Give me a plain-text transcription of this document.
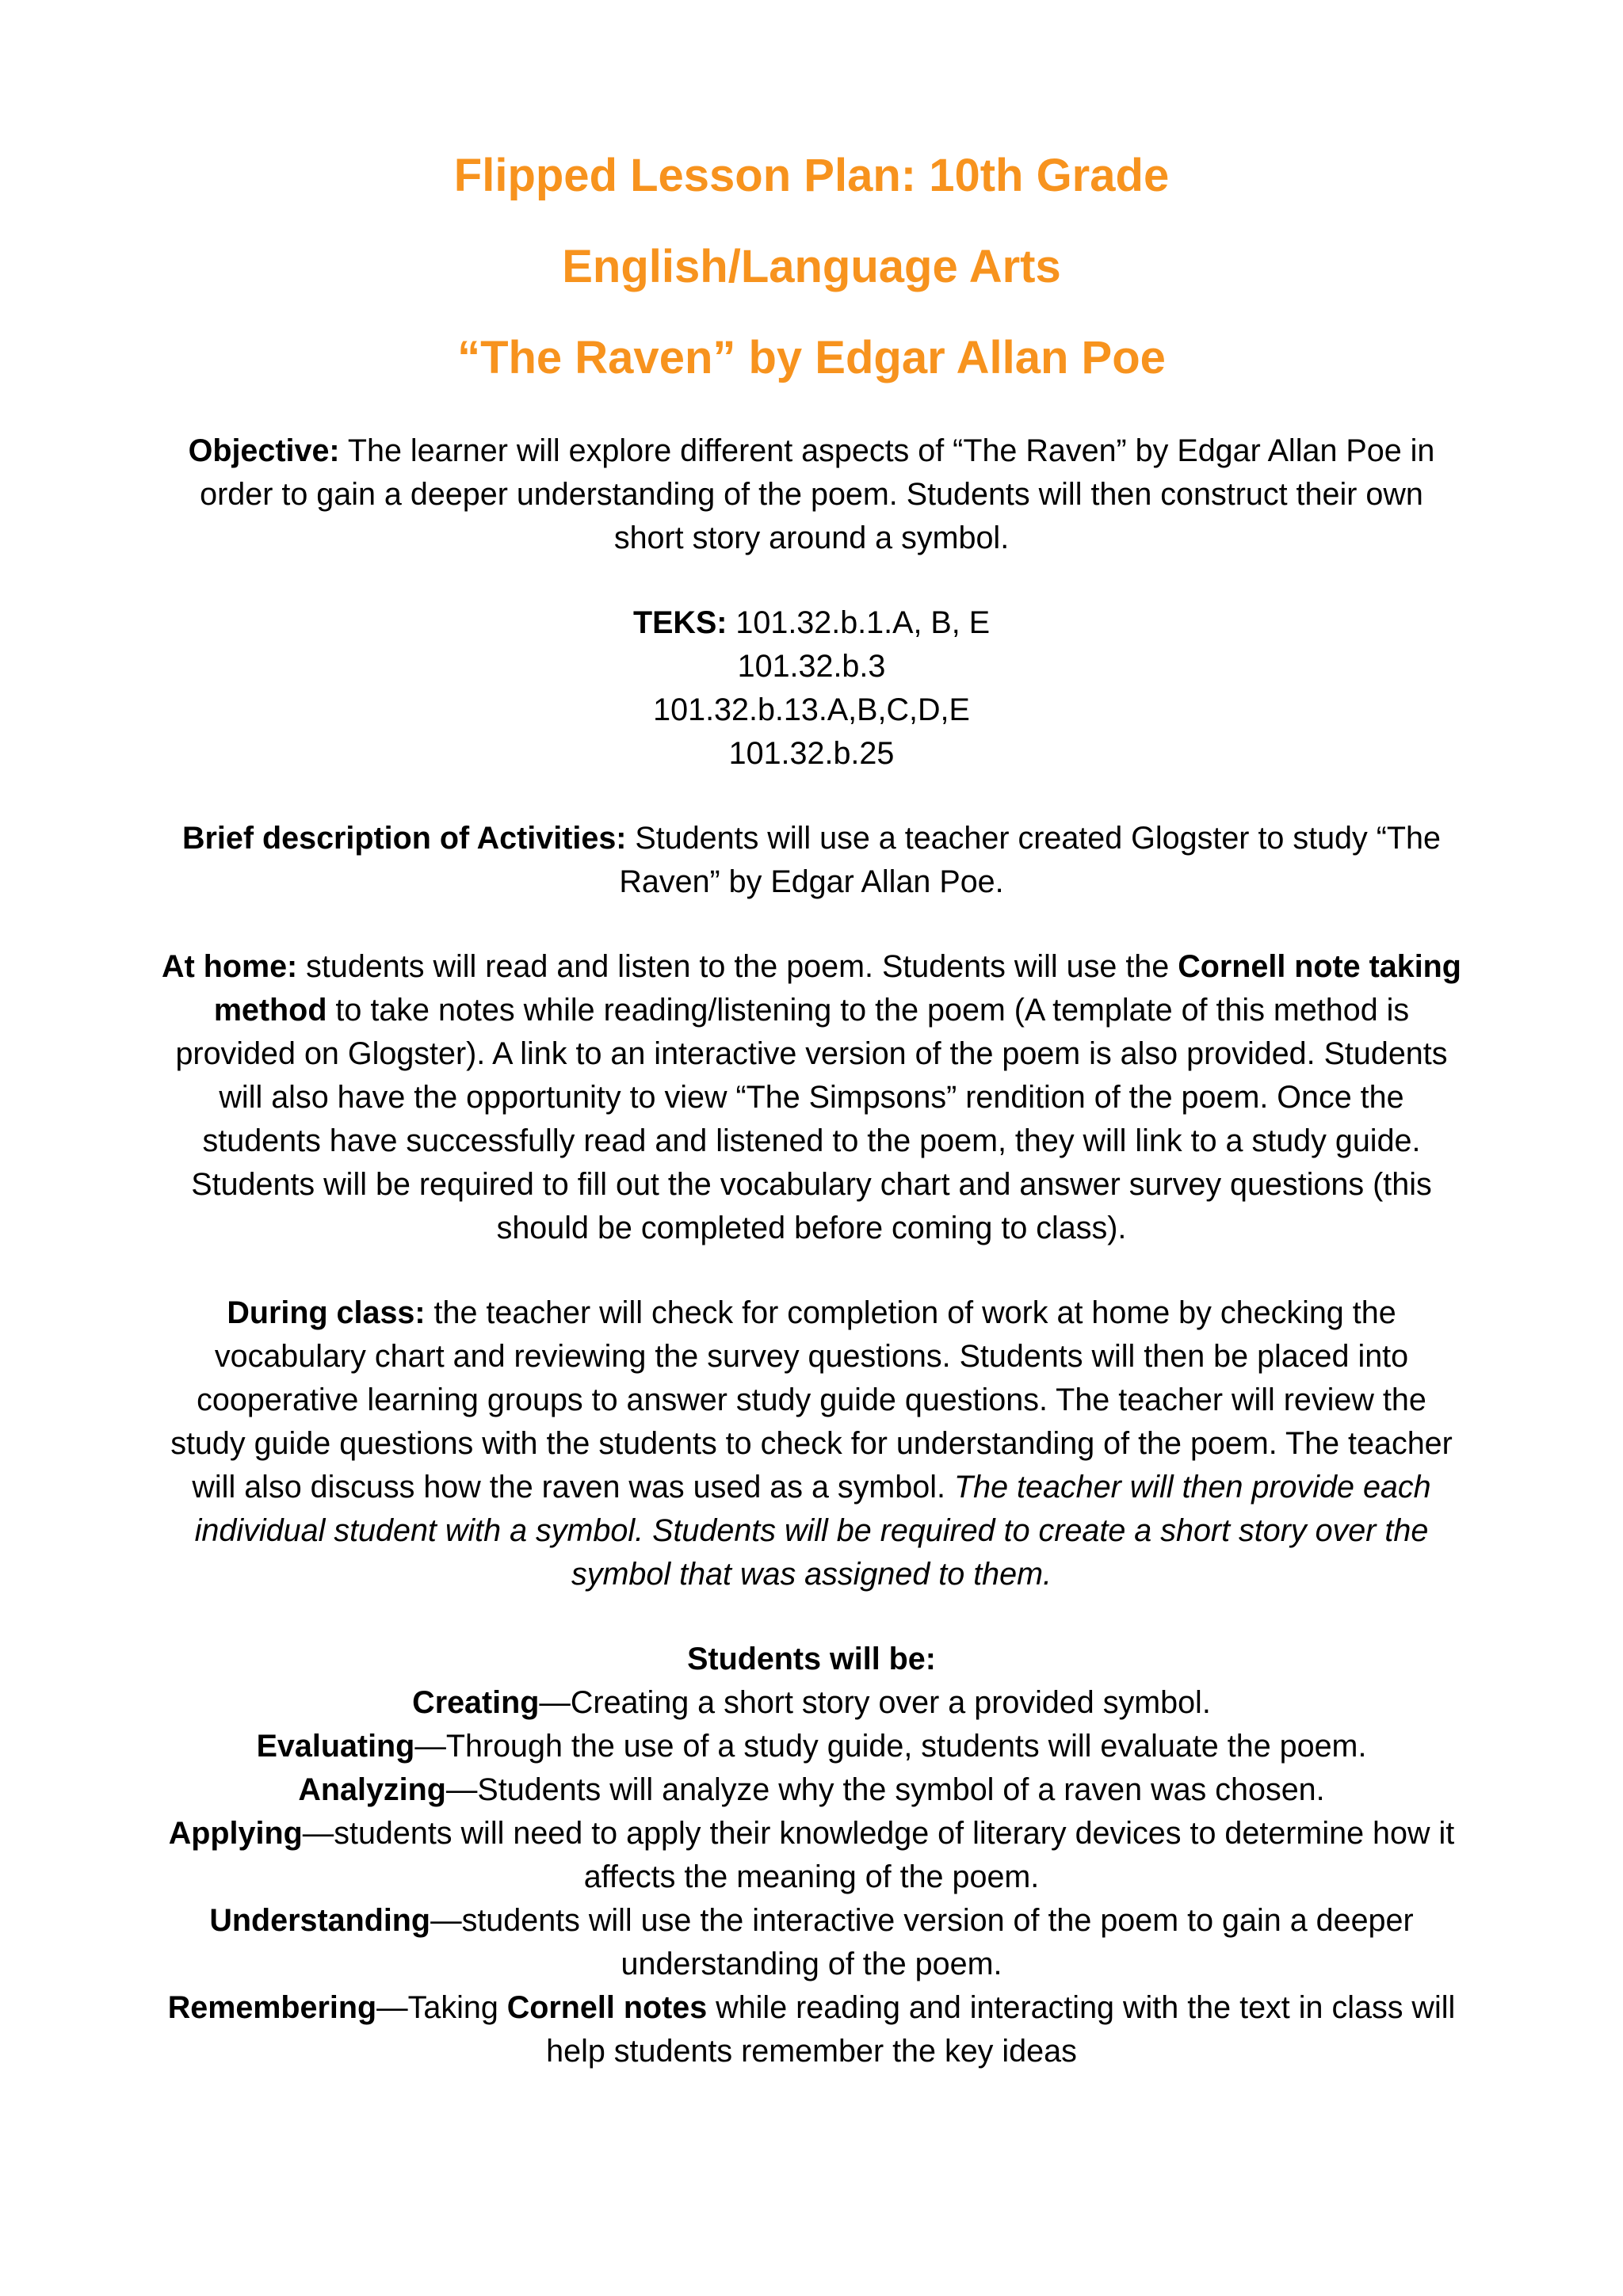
Flipped Lesson Plan: 10th Grade
English/Language Arts
“The Raven” by Edgar Allan Poe

Objective: The learner will explore different aspects of “The Raven” by Edgar Allan Poe in order to gain a deeper understanding of the poem. Students will then construct their own short story around a symbol.

TEKS: 101.32.b.1.A, B, E
101.32.b.3
101.32.b.13.A,B,C,D,E
101.32.b.25

Brief description of Activities: Students will use a teacher created Glogster to study “The Raven” by Edgar Allan Poe.

At home: students will read and listen to the poem. Students will use the Cornell note taking method to take notes while reading/listening to the poem (A template of this method is provided on Glogster). A link to an interactive version of the poem is also provided. Students will also have the opportunity to view “The Simpsons” rendition of the poem. Once the students have successfully read and listened to the poem, they will link to a study guide. Students will be required to fill out the vocabulary chart and answer survey questions (this should be completed before coming to class).

During class: the teacher will check for completion of work at home by checking the vocabulary chart and reviewing the survey questions. Students will then be placed into cooperative learning groups to answer study guide questions. The teacher will review the study guide questions with the students to check for understanding of the poem. The teacher will also discuss how the raven was used as a symbol. The teacher will then provide each individual student with a symbol. Students will be required to create a short story over the symbol that was assigned to them.

Students will be:
Creating—Creating a short story over a provided symbol.
Evaluating—Through the use of a study guide, students will evaluate the poem.
Analyzing—Students will analyze why the symbol of a raven was chosen.
Applying—students will need to apply their knowledge of literary devices to determine how it affects the meaning of the poem.
Understanding—students will use the interactive version of the poem to gain a deeper understanding of the poem.
Remembering—Taking Cornell notes while reading and interacting with the text in class will help students remember the key ideas
